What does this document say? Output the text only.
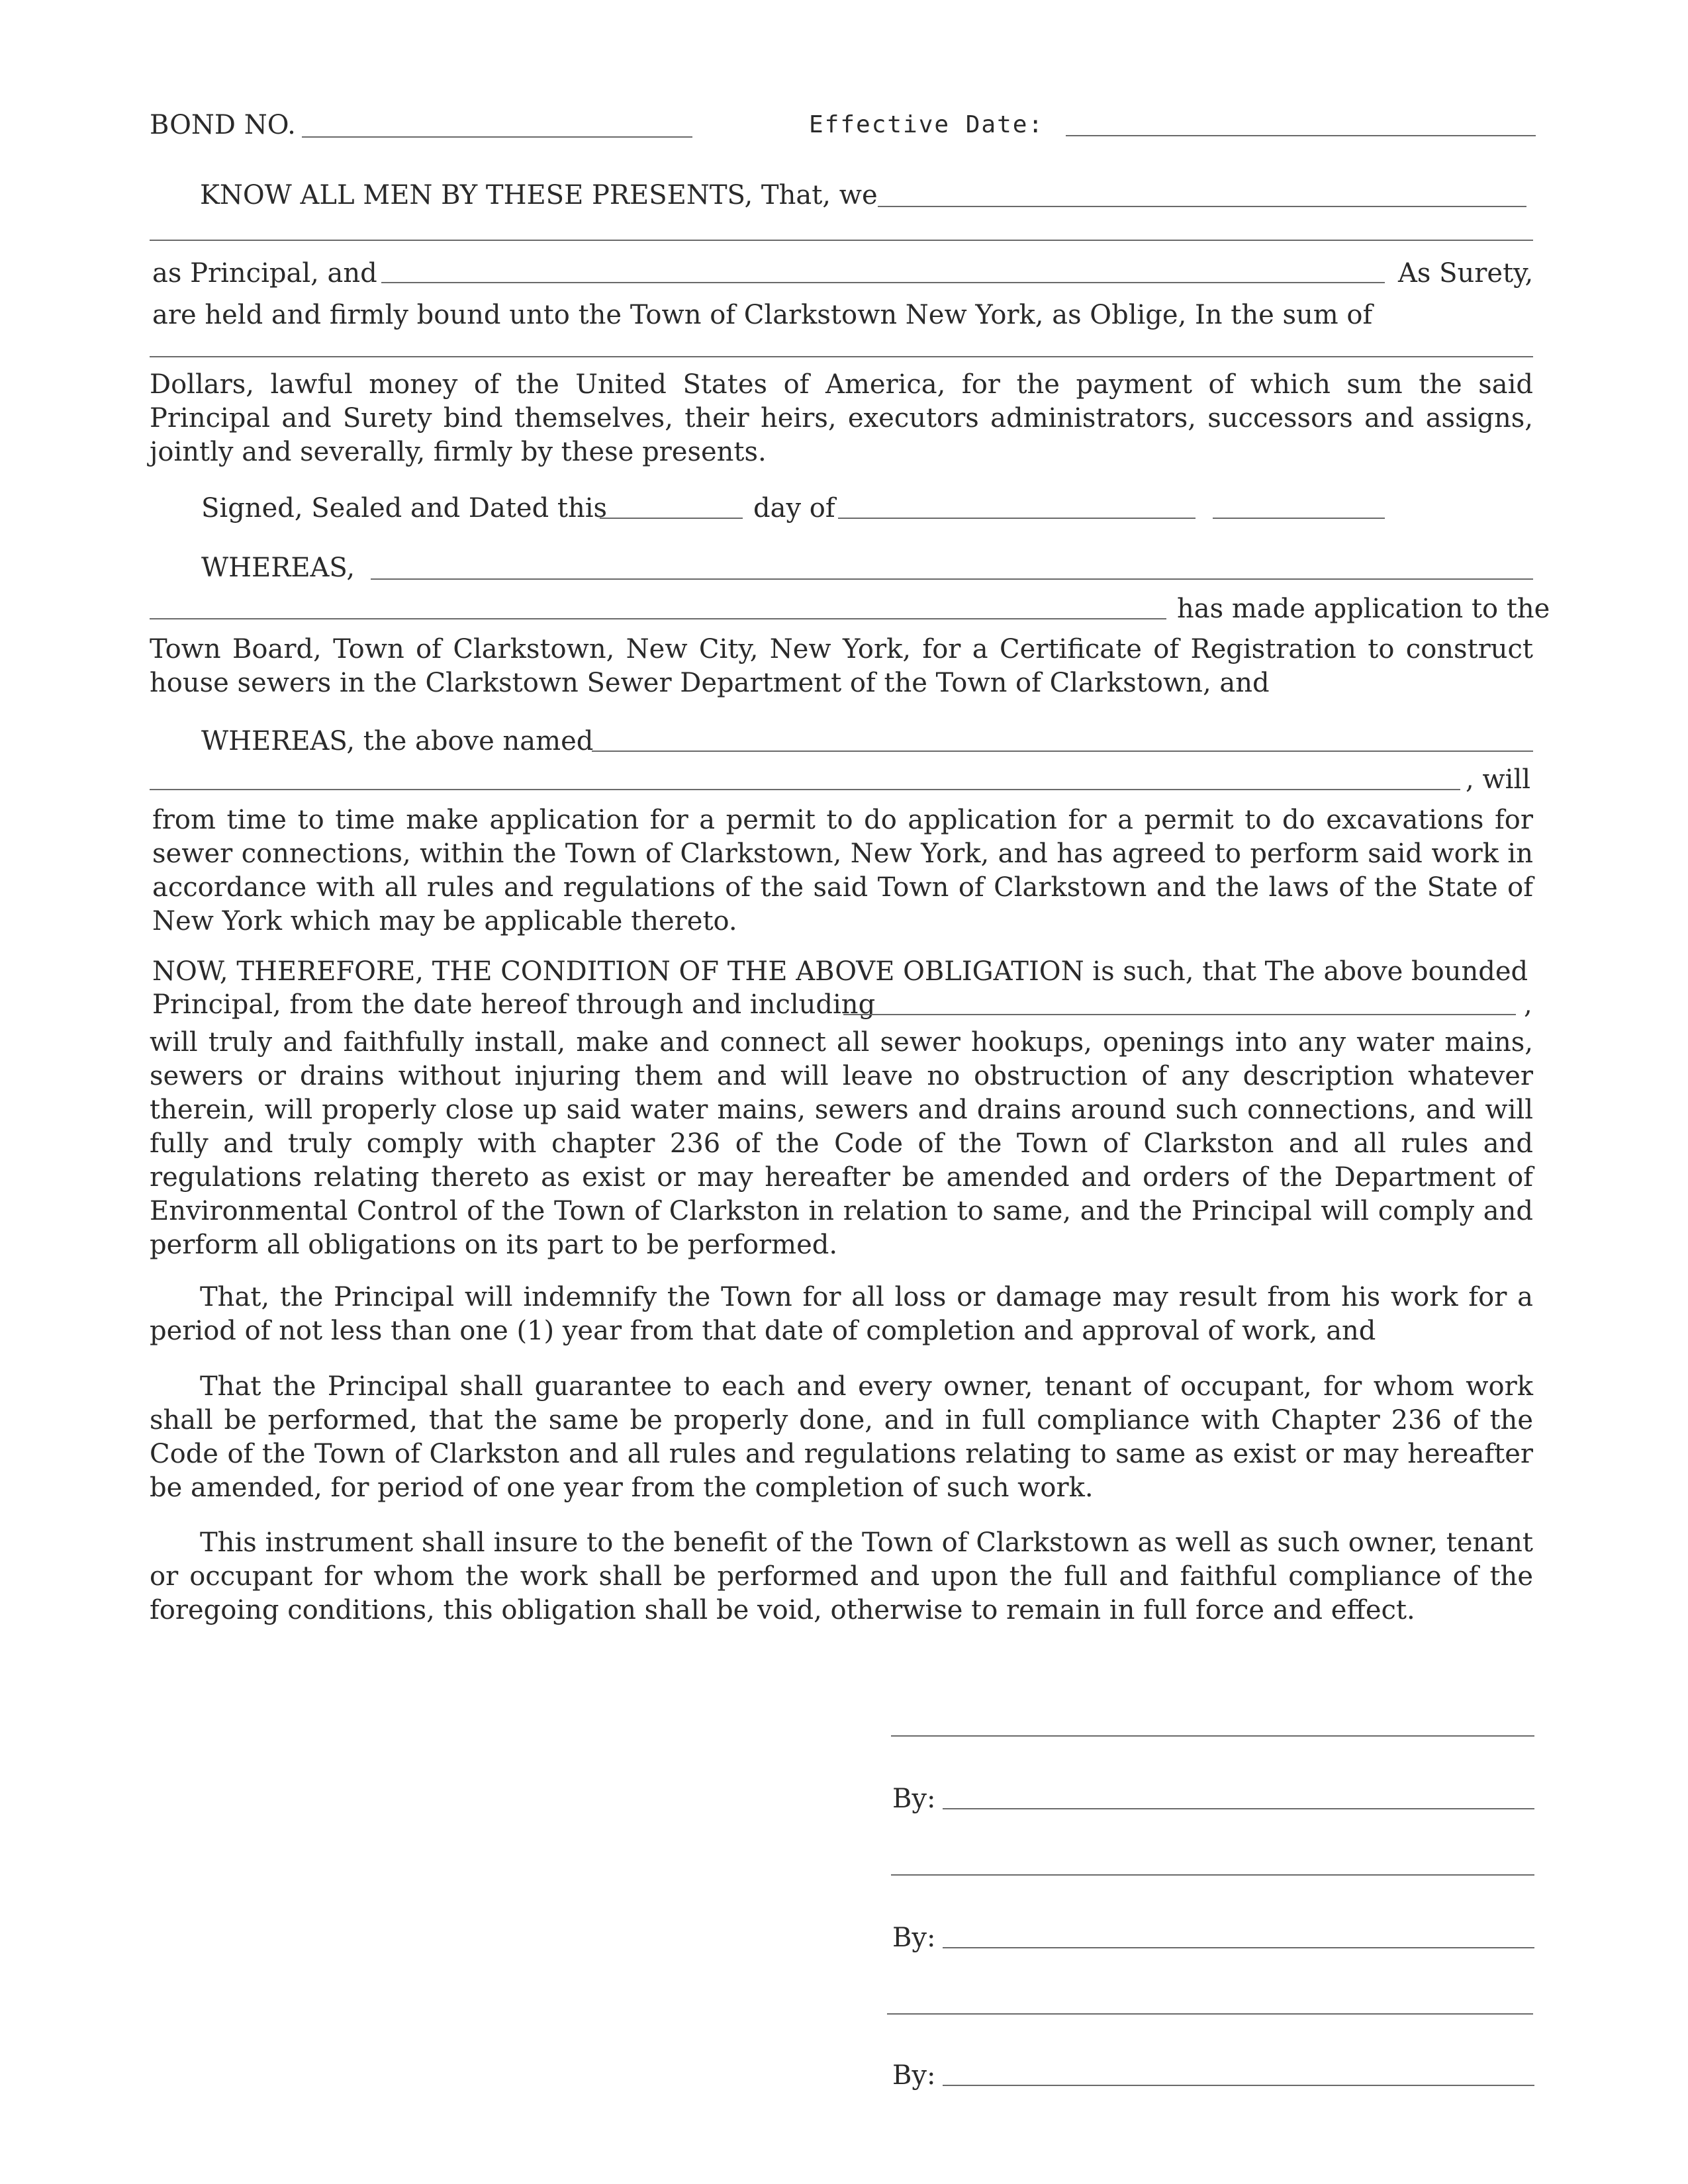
BOND NO.	Effective Date:
KNOW ALL MEN BY THESE PRESENTS, That, we
as Principal, and	As Surety,
are held and firmly bound unto the Town of Clarkstown New York, as Oblige, In the sum of

Dollars, lawful money of the United States of America, for the payment of which sum the said Principal and Surety bind themselves, their heirs, executors administrators, successors and assigns, jointly and severally, firmly by these presents.

Signed, Sealed and Dated this	day of
WHEREAS,
has made application to the

Town Board, Town of Clarkstown, New City, New York, for a Certificate of Registration to construct house sewers in the Clarkstown Sewer Department of the Town of Clarkstown, and

WHEREAS, the above named
, will

from time to time make application for a permit to do application for a permit to do excavations for sewer connections, within the Town of Clarkstown, New York, and has agreed to perform said work in accordance with all rules and regulations of the said Town of Clarkstown and the laws of the State of New York which may be applicable thereto.

NOW, THEREFORE, THE CONDITION OF THE ABOVE OBLIGATION is such, that The above bounded
Principal, from the date hereof through and including	,

will truly and faithfully install, make and connect all sewer hookups, openings into any water mains, sewers or drains without injuring them and will leave no obstruction of any description whatever therein, will properly close up said water mains, sewers and drains around such connections, and will fully and truly comply with chapter 236 of the Code of the Town of Clarkston and all rules and regulations relating thereto as exist or may hereafter be amended and orders of the Department of Environmental Control of the Town of Clarkston in relation to same, and the Principal will comply and perform all obligations on its part to be performed.

That, the Principal will indemnify the Town for all loss or damage may result from his work for a period of not less than one (1) year from that date of completion and approval of work, and

That the Principal shall guarantee to each and every owner, tenant of occupant, for whom work shall be performed, that the same be properly done, and in full compliance with Chapter 236 of the Code of the Town of Clarkston and all rules and regulations relating to same as exist or may hereafter be amended, for period of one year from the completion of such work.

This instrument shall insure to the benefit of the Town of Clarkstown as well as such owner, tenant or occupant for whom the work shall be performed and upon the full and faithful compliance of the foregoing conditions, this obligation shall be void, otherwise to remain in full force and effect.

By:
By:
By:
